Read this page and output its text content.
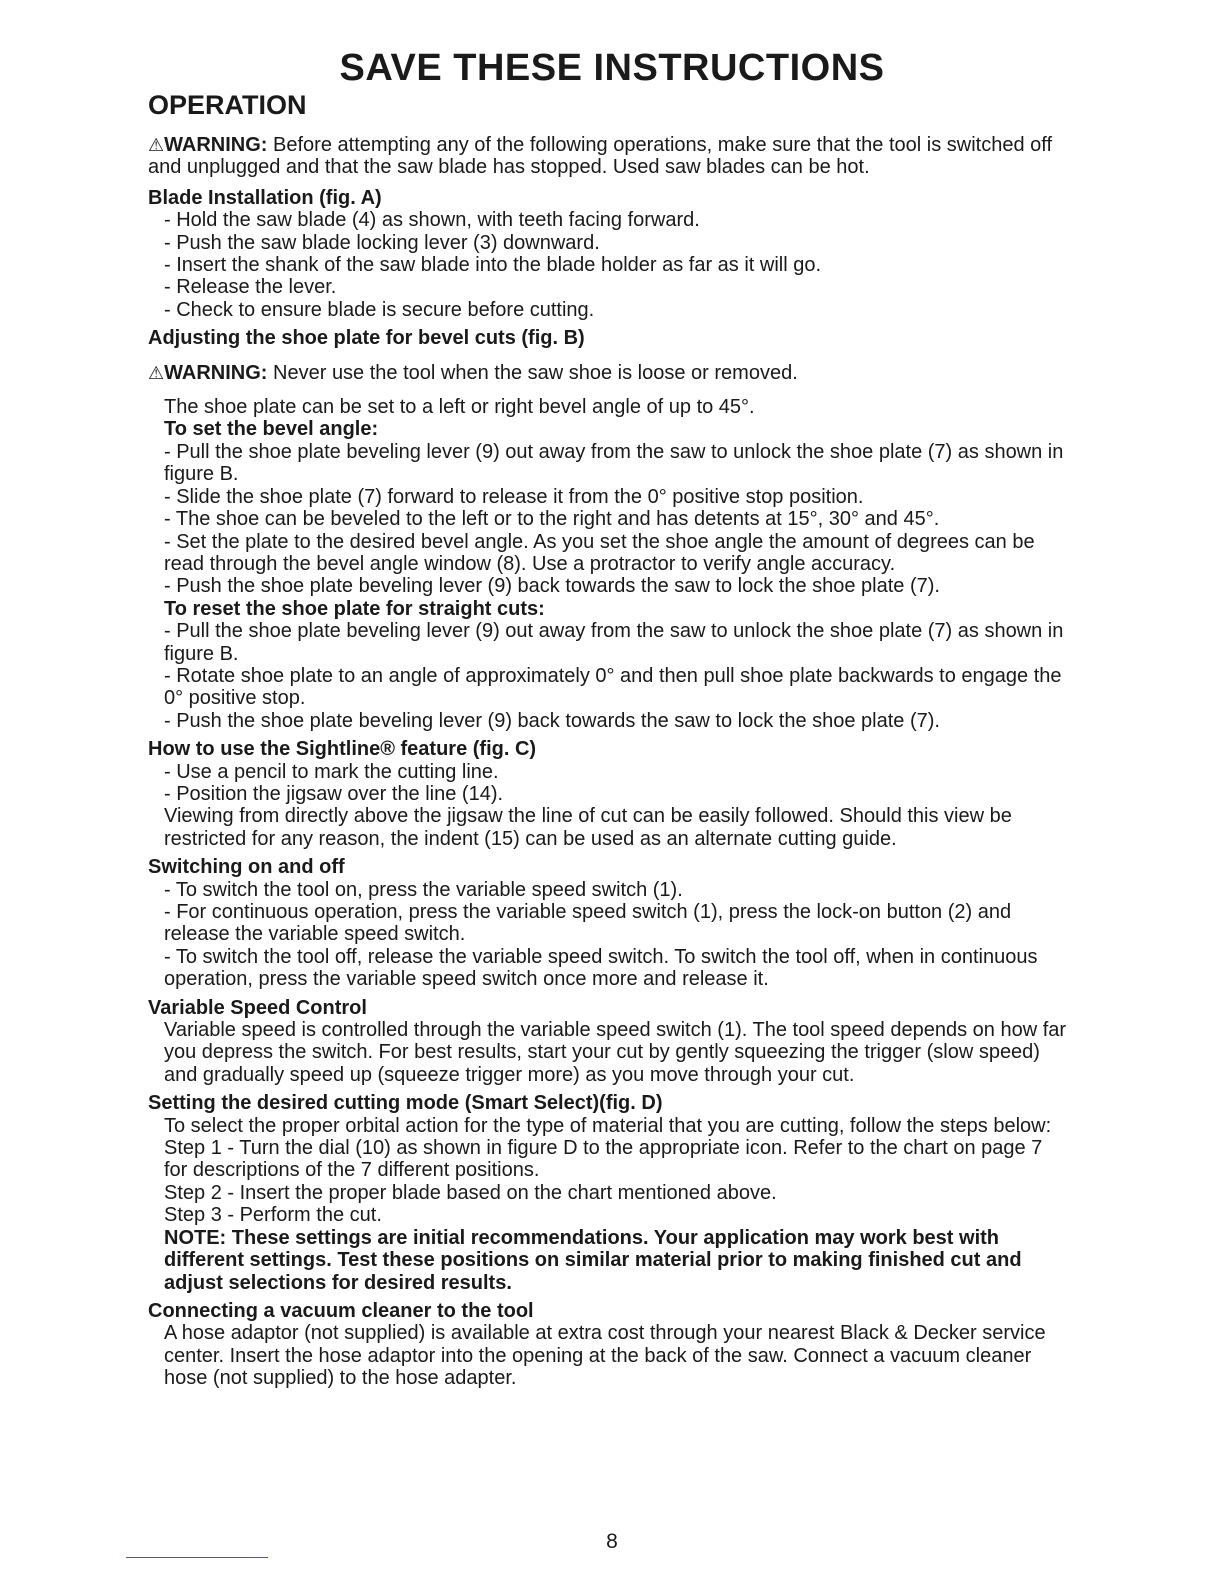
SAVE THESE INSTRUCTIONS
OPERATION

⚠WARNING: Before attempting any of the following operations, make sure that the tool is switched off and unplugged and that the saw blade has stopped. Used saw blades can be hot.

Blade Installation (fig. A)

- Hold the saw blade (4) as shown, with teeth facing forward.

- Push the saw blade locking lever (3) downward.

- Insert the shank of the saw blade into the blade holder as far as it will go.

- Release the lever.

- Check to ensure blade is secure before cutting.

Adjusting the shoe plate for bevel cuts (fig. B)

⚠WARNING: Never use the tool when the saw shoe is loose or removed.

The shoe plate can be set to a left or right bevel angle of up to 45°.

To set the bevel angle:

- Pull the shoe plate beveling lever (9) out away from the saw to unlock the shoe plate (7) as shown in figure B.

- Slide the shoe plate (7) forward to release it from the 0° positive stop position.

- The shoe can be beveled to the left or to the right and has detents at 15°, 30° and 45°.

- Set the plate to the desired bevel angle. As you set the shoe angle the amount of degrees can be read through the bevel angle window (8). Use a protractor to verify angle accuracy.

- Push the shoe plate beveling lever (9) back towards the saw to lock the shoe plate (7).

To reset the shoe plate for straight cuts:

- Pull the shoe plate beveling lever (9) out away from the saw to unlock the shoe plate (7) as shown in figure B.

- Rotate shoe plate to an angle of approximately 0° and then pull shoe plate backwards to engage the 0° positive stop.

- Push the shoe plate beveling lever (9) back towards the saw to lock the shoe plate (7).

How to use the Sightline® feature (fig. C)

- Use a pencil to mark the cutting line.

- Position the jigsaw over the line (14).

Viewing from directly above the jigsaw the line of cut can be easily followed. Should this view be restricted for any reason, the indent (15) can be used as an alternate cutting guide.

Switching on and off

- To switch the tool on, press the variable speed switch (1).

- For continuous operation, press the variable speed switch (1), press the lock-on button (2) and release the variable speed switch.

- To switch the tool off, release the variable speed switch. To switch the tool off, when in continuous operation, press the variable speed switch once more and release it.

Variable Speed Control

Variable speed is controlled through the variable speed switch (1). The tool speed depends on how far you depress the switch. For best results, start your cut by gently squeezing the trigger (slow speed) and gradually speed up (squeeze trigger more) as you move through your cut.

Setting the desired cutting mode (Smart Select)(fig. D)

To select the proper orbital action for the type of material that you are cutting, follow the steps below:

Step 1 - Turn the dial (10) as shown in figure D to the appropriate icon. Refer to the chart on page 7 for descriptions of the 7 different positions.

Step 2 - Insert the proper blade based on the chart mentioned above.

Step 3 - Perform the cut.

NOTE: These settings are initial recommendations. Your application may work best with different settings. Test these positions on similar material prior to making finished cut and adjust selections for desired results.

Connecting a vacuum cleaner to the tool

A hose adaptor (not supplied) is available at extra cost through your nearest Black & Decker service center. Insert the hose adaptor into the opening at the back of the saw. Connect a vacuum cleaner hose (not supplied) to the hose adapter.

8
